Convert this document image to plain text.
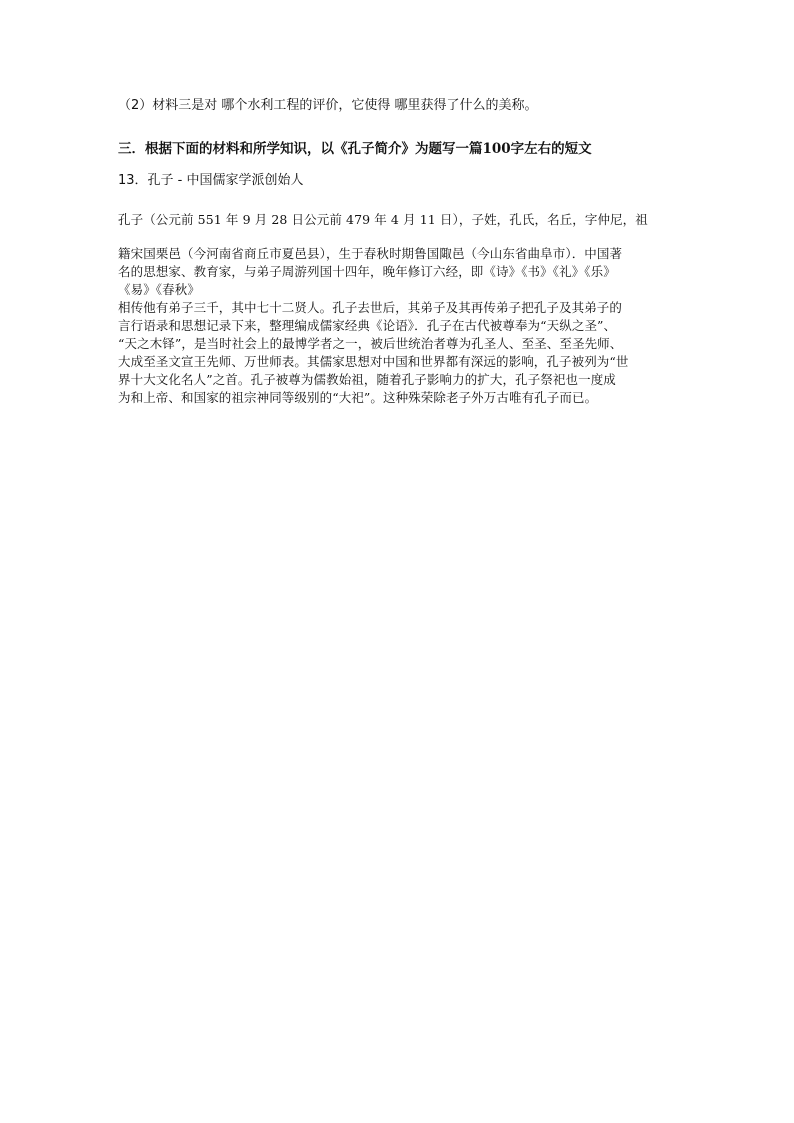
（2）材料三是对 哪个水利工程的评价，它使得 哪里获得了什么的美称。
三．根据下面的材料和所学知识，以《孔子简介》为题写一篇100字左右的短文
13．孔子 - 中国儒家学派创始人
孔子（公元前 551 年 9 月 28 日公元前 479 年 4 月 11 日），子姓，孔氏，名丘，字仲尼，祖
籍宋国栗邑（今河南省商丘市夏邑县），生于春秋时期鲁国陬邑（今山东省曲阜市）．中国著
名的思想家、教育家，与弟子周游列国十四年，晚年修订六经，即《诗》《书》《礼》《乐》
《易》《春秋》
相传他有弟子三千，其中七十二贤人。孔子去世后，其弟子及其再传弟子把孔子及其弟子的
言行语录和思想记录下来，整理编成儒家经典《论语》．孔子在古代被尊奉为“天纵之圣”、
“天之木铎”，是当时社会上的最博学者之一，被后世统治者尊为孔圣人、至圣、至圣先师、
大成至圣文宣王先师、万世师表。其儒家思想对中国和世界都有深远的影响，孔子被列为“世
界十大文化名人”之首。孔子被尊为儒教始祖，随着孔子影响力的扩大，孔子祭祀也一度成
为和上帝、和国家的祖宗神同等级别的“大祀”。这种殊荣除老子外万古唯有孔子而已。
